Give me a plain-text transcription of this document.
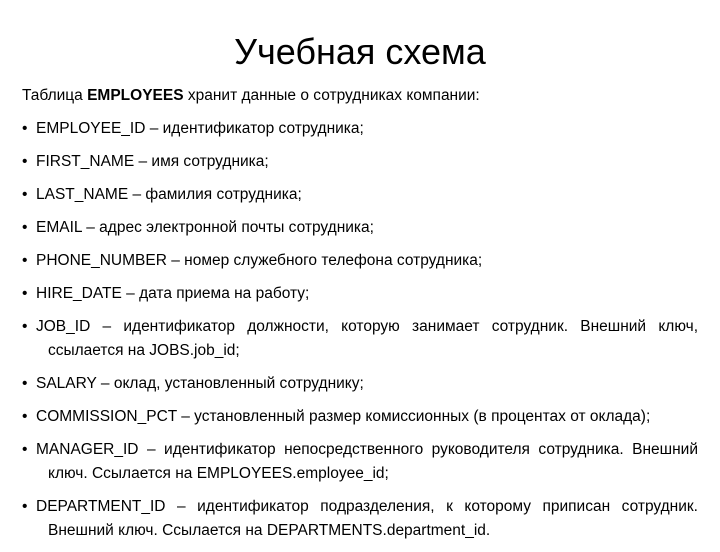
Учебная схема

Таблица EMPLOYEES хранит данные о сотрудниках компании:

• EMPLOYEE_ID – идентификатор сотрудника;
• FIRST_NAME – имя сотрудника;
• LAST_NAME – фамилия сотрудника;
• EMAIL – адрес электронной почты сотрудника;
• PHONE_NUMBER – номер служебного телефона сотрудника;
• HIRE_DATE – дата приема на работу;
• JOB_ID – идентификатор должности, которую занимает сотрудник. Внешний ключ, ссылается на JOBS.job_id;
• SALARY – оклад, установленный сотруднику;
• COMMISSION_PCT – установленный размер комиссионных (в процентах от оклада);
• MANAGER_ID – идентификатор непосредственного руководителя сотрудника. Внешний ключ. Ссылается на EMPLOYEES.employee_id;
• DEPARTMENT_ID – идентификатор подразделения, к которому приписан сотрудник. Внешний ключ. Ссылается на DEPARTMENTS.department_id.
